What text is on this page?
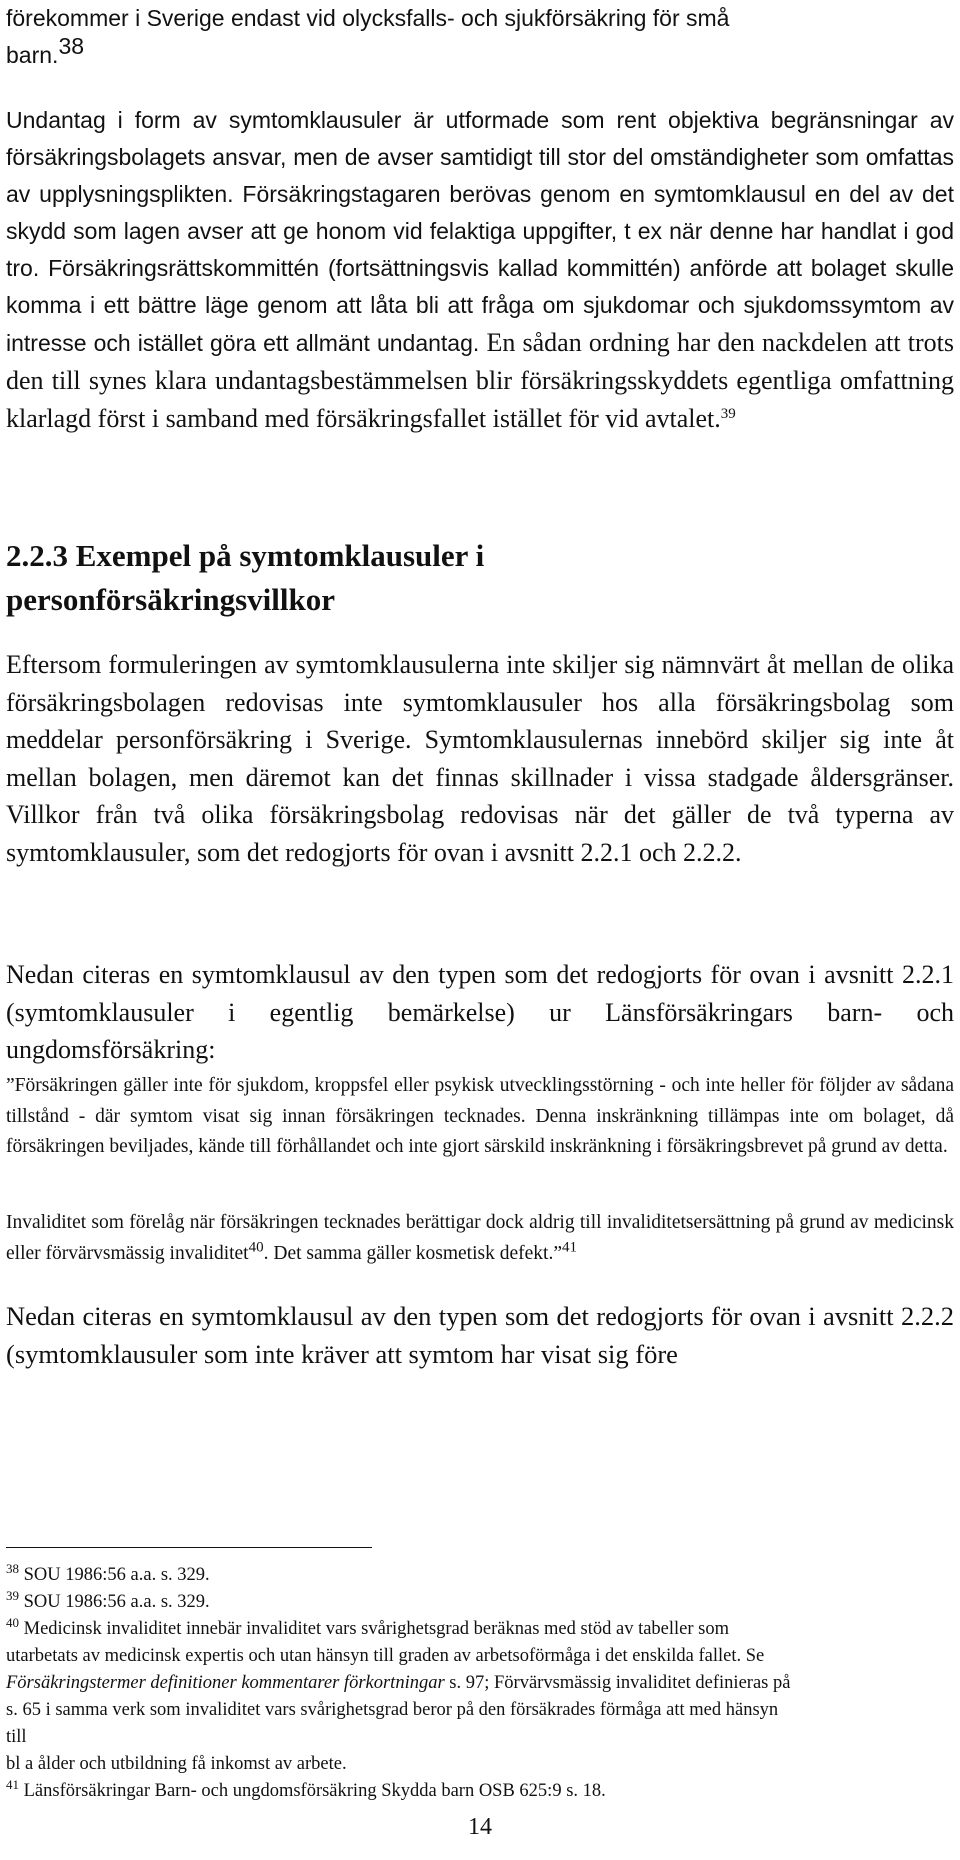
förekommer i Sverige endast vid olycksfalls- och sjukförsäkring för små
barn.$^{38}$

Undantag i form av symtomklausuler är utformade som rent objektiva begränsningar av försäkringsbolagets ansvar, men de avser samtidigt till stor del omständigheter som omfattas av upplysningsplikten. Försäkringstagaren berövas genom en symtomklausul en del av det skydd som lagen avser att ge honom vid felaktiga uppgifter, t ex när denne har handlat i god tro. Försäkringsrättskommittén (fortsättningsvis kallad kommittén) anförde att bolaget skulle komma i ett bättre läge genom att låta bli att fråga om sjukdomar och sjukdomssymtom av intresse och istället göra ett allmänt undantag. En sådan ordning har den nackdelen att trots den till synes klara undantagsbestämmelsen blir försäkringsskyddets egentliga omfattning klarlagd först i samband med försäkringsfallet istället för vid avtalet.$^{39}$

2.2.3 Exempel på symtomklausuler i
personförsäkringsvillkor

Eftersom formuleringen av symtomklausulerna inte skiljer sig nämnvärt åt mellan de olika försäkringsbolagen redovisas inte symtomklausuler hos alla försäkringsbolag som meddelar personförsäkring i Sverige. Symtomklausulernas innebörd skiljer sig inte åt mellan bolagen, men däremot kan det finnas skillnader i vissa stadgade åldersgränser. Villkor från två olika försäkringsbolag redovisas när det gäller de två typerna av symtomklausuler, som det redogjorts för ovan i avsnitt 2.2.1 och 2.2.2.

Nedan citeras en symtomklausul av den typen som det redogjorts för ovan i avsnitt 2.2.1 (symtomklausuler i egentlig bemärkelse) ur Länsförsäkringars barn- och ungdomsförsäkring:

”Försäkringen gäller inte för sjukdom, kroppsfel eller psykisk utvecklingsstörning - och inte heller för följder av sådana tillstånd - där symtom visat sig innan försäkringen tecknades. Denna inskränkning tillämpas inte om bolaget, då försäkringen beviljades, kände till förhållandet och inte gjort särskild inskränkning i försäkringsbrevet på grund av detta.

Invaliditet som förelåg när försäkringen tecknades berättigar dock aldrig till invaliditetsersättning på grund av medicinsk eller förvärvsmässig invaliditet$^{40}$. Det samma gäller kosmetisk defekt.”$^{41}$

Nedan citeras en symtomklausul av den typen som det redogjorts för ovan i avsnitt 2.2.2 (symtomklausuler som inte kräver att symtom har visat sig före

$^{38}$ SOU 1986:56 a.a. s. 329.

$^{39}$ SOU 1986:56 a.a. s. 329.

$^{40}$ Medicinsk invaliditet innebär invaliditet vars svårighetsgrad beräknas med stöd av tabeller som utarbetats av medicinsk expertis och utan hänsyn till graden av arbetsoförmåga i det enskilda fallet. Se Försäkringstermer definitioner kommentarer förkortningar s. 97; Förvärvsmässig invaliditet definieras på s. 65 i samma verk som invaliditet vars svårighetsgrad beror på den försäkrades förmåga att med hänsyn till

bl a ålder och utbildning få inkomst av arbete.

$^{41}$ Länsförsäkringar Barn- och ungdomsförsäkring Skydda barn OSB 625:9 s. 18.

14
